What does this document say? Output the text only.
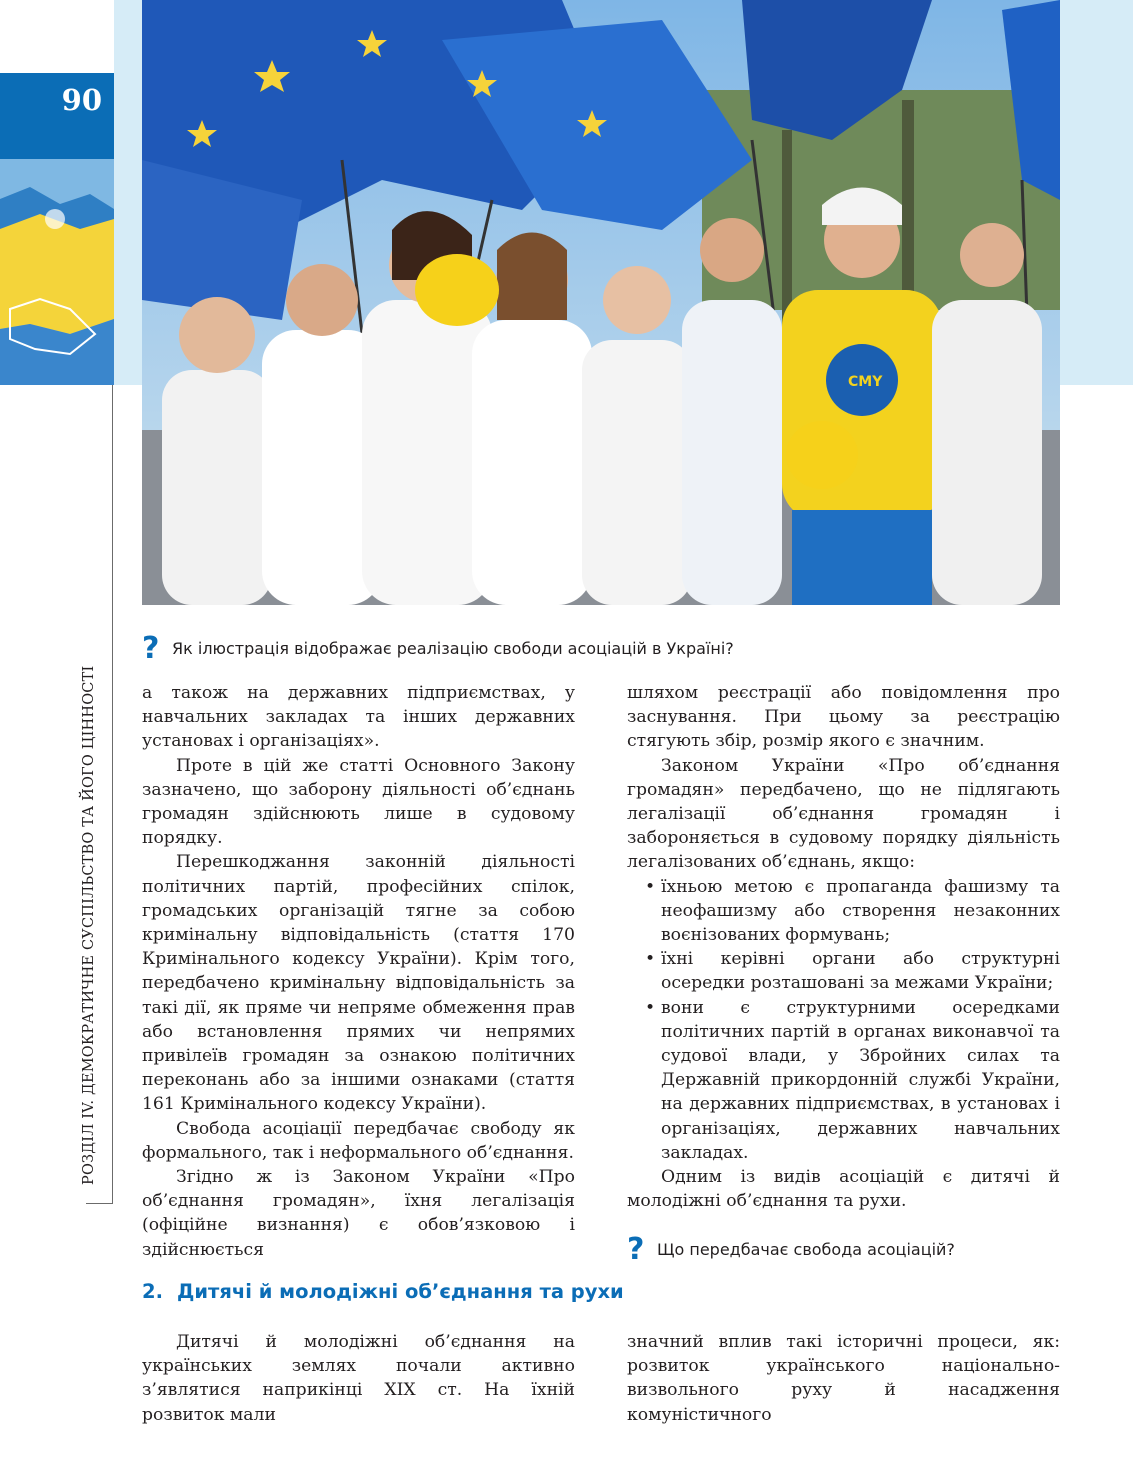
90
РОЗДІЛ IV. ДЕМОКРАТИЧНЕ СУСПІЛЬСТВО ТА ЙОГО ЦІННОСТІ
CMY
? Як ілюстрація відображає реалізацію свободи асоціацій в Україні?

а також на державних підприємствах, у навчальних закладах та інших державних установах і організаціях».

Проте в цій же статті Основного Закону зазначено, що заборону діяльності об’єднань громадян здійснюють лише в судовому порядку.

Перешкоджання законній діяльності політичних партій, професійних спілок, громадських організацій тягне за собою кримінальну відповідальність (стаття 170 Кримінального кодексу України). Крім того, передбачено кримінальну відповідальність за такі дії, як пряме чи непряме обмеження прав або встановлення прямих чи непрямих привілеїв громадян за ознакою політичних переконань або за іншими ознаками (стаття 161 Кримінального кодексу України).

Свобода асоціації передбачає свободу як формального, так і неформального об’єднання.

Згідно ж із Законом України «Про об’єднання громадян», їхня легалізація (офіційне визнання) є обов’язковою і здійснюється

шляхом реєстрації або повідомлення про заснування. При цьому за реєстрацію стягують збір, розмір якого є значним.

Законом України «Про об’єднання громадян» передбачено, що не підлягають легалізації об’єднання громадян і забороняється в судовому порядку діяльність легалізованих об’єднань, якщо:

• їхньою метою є пропаганда фашизму та неофашизму або створення незаконних воєнізованих формувань;
• їхні керівні органи або структурні осередки розташовані за межами України;
• вони є структурними осередками політичних партій в органах виконавчої та судової влади, у Збройних силах та Державній прикордонній службі України, на державних підприємствах, в установах і організаціях, державних навчальних закладах.

Одним із видів асоціацій є дитячі й молодіжні об’єднання та рухи.

? Що передбачає свобода асоціацій?
2. Дитячі й молодіжні об’єднання та рухи

Дитячі й молодіжні об’єднання на українських землях почали активно з’являтися наприкінці XIX ст. На їхній розвиток мали

значний вплив такі історичні процеси, як: розвиток українського національно-визвольного руху й насадження комуністичного
